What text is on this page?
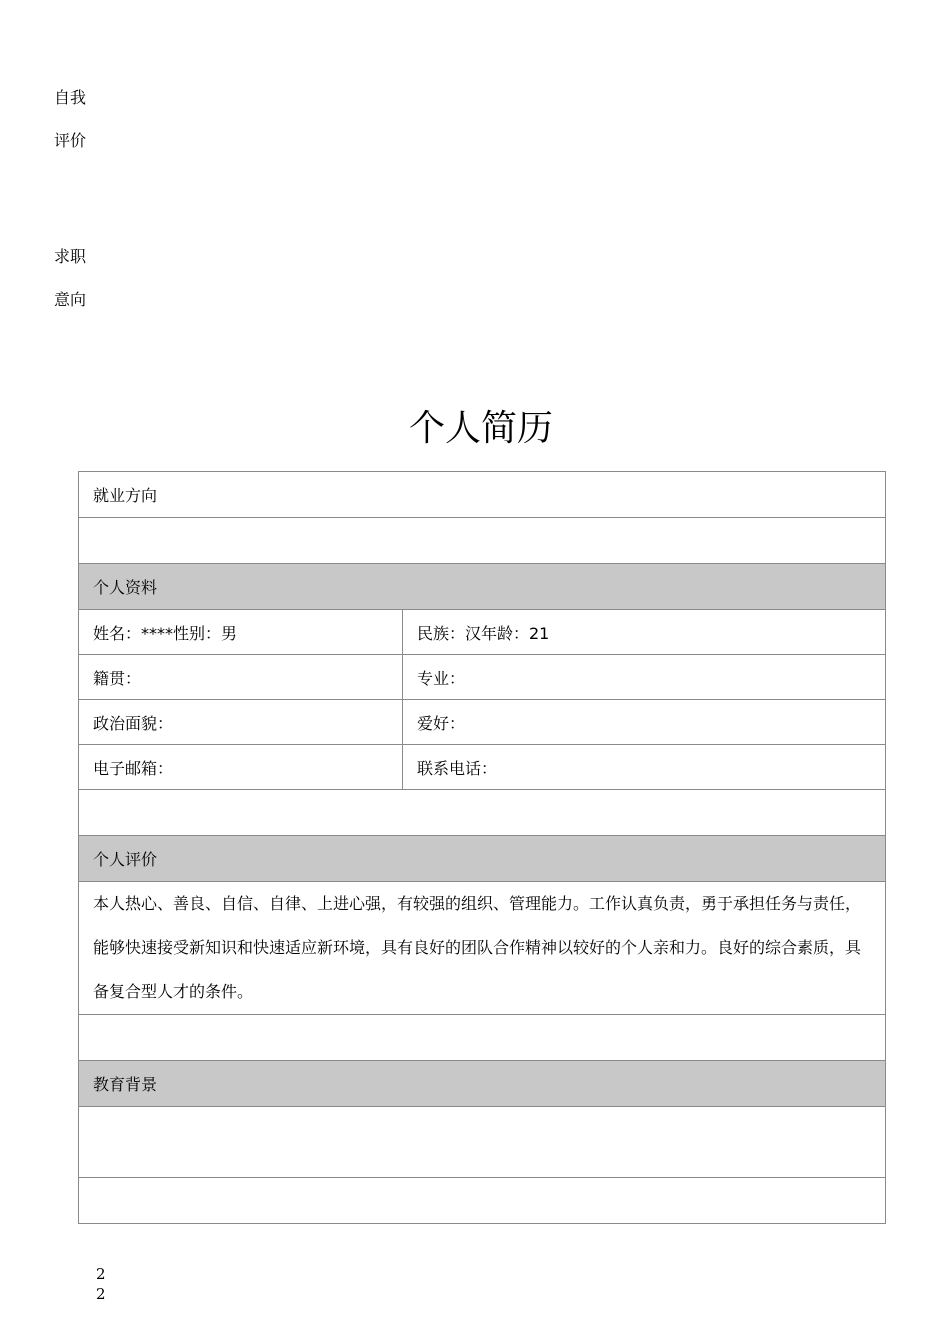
自我
评价
求职
意向
个人简历
就业方向	

个人资料	
姓名：****性别：男	民族：汉年龄：21
籍贯：	专业：
政治面貌：	爱好：
电子邮箱：	联系电话：

个人评价	
本人热心、善良、自信、自律、上进心强，有较强的组织、管理能力。工作认真负责，勇于承担任务与责任，能够快速接受新知识和快速适应新环境，具有良好的团队合作精神以较好的个人亲和力。良好的综合素质，具备复合型人才的条件。	

教育背景	

2
2
